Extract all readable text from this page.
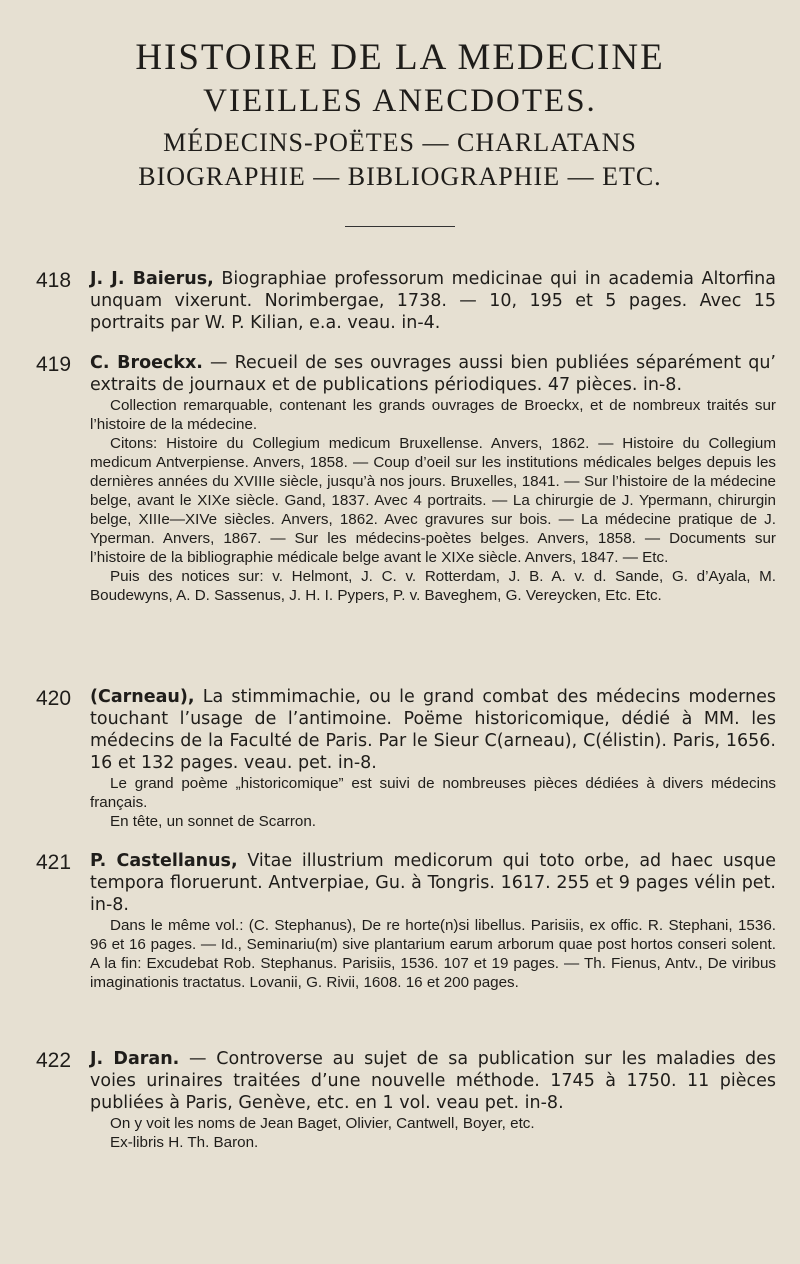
HISTOIRE DE LA MEDECINE
VIEILLES ANECDOTES.
MÉDECINS-POËTES — CHARLATANS
BIOGRAPHIE — BIBLIOGRAPHIE — ETC.
418	J. J. Baierus, Biographiae professorum medicinae qui in academia Altorfina unquam vixerunt. Norimbergae, 1738. — 10, 195 et 5 pages. Avec 15 portraits par W. P. Kilian, e.a. veau. in-4.

419	C. Broeckx. — Recueil de ses ouvrages aussi bien publiées séparément qu’ extraits de journaux et de publications périodiques. 47 pièces. in-8.

Collection remarquable, contenant les grands ouvrages de Broeckx, et de nombreux traités sur l’histoire de la médecine.

Citons: Histoire du Collegium medicum Bruxellense. Anvers, 1862. — Histoire du Collegium medicum Antverpiense. Anvers, 1858. — Coup d’oeil sur les institutions médicales belges depuis les dernières années du XVIIIe siècle, jusqu’à nos jours. Bruxelles, 1841. — Sur l’histoire de la médecine belge, avant le XIXe siècle. Gand, 1837. Avec 4 portraits. — La chirurgie de J. Ypermann, chirurgin belge, XIIIe—XIVe siècles. Anvers, 1862. Avec gravures sur bois. — La médecine pratique de J. Yperman. Anvers, 1867. — Sur les médecins-poètes belges. Anvers, 1858. — Documents sur l’histoire de la bibliographie médicale belge avant le XIXe siècle. Anvers, 1847. — Etc.

Puis des notices sur: v. Helmont, J. C. v. Rotterdam, J. B. A. v. d. Sande, G. d’Ayala, M. Boudewyns, A. D. Sassenus, J. H. I. Pypers, P. v. Baveghem, G. Vereycken, Etc. Etc.

420	(Carneau), La stimmimachie, ou le grand combat des médecins modernes touchant l’usage de l’antimoine. Poëme historicomique, dédié à MM. les médecins de la Faculté de Paris. Par le Sieur C(arneau), C(élistin). Paris, 1656. 16 et 132 pages. veau. pet. in-8.

Le grand poème „historicomique” est suivi de nombreuses pièces dédiées à divers médecins français.

En tête, un sonnet de Scarron.

421	P. Castellanus, Vitae illustrium medicorum qui toto orbe, ad haec usque tempora floruerunt. Antverpiae, Gu. à Tongris. 1617. 255 et 9 pages vélin pet. in-8.

Dans le même vol.: (C. Stephanus), De re horte(n)si libellus. Parisiis, ex offic. R. Stephani, 1536. 96 et 16 pages. — Id., Seminariu(m) sive plantarium earum arborum quae post hortos conseri solent. A la fin: Excudebat Rob. Stephanus. Parisiis, 1536. 107 et 19 pages. — Th. Fienus, Antv., De viribus imaginationis tractatus. Lovanii, G. Rivii, 1608. 16 et 200 pages.

422	J. Daran. — Controverse au sujet de sa publication sur les maladies des voies urinaires traitées d’une nouvelle méthode. 1745 à 1750. 11 pièces publiées à Paris, Genève, etc. en 1 vol. veau pet. in-8.

On y voit les noms de Jean Baget, Olivier, Cantwell, Boyer, etc.

Ex-libris H. Th. Baron.
